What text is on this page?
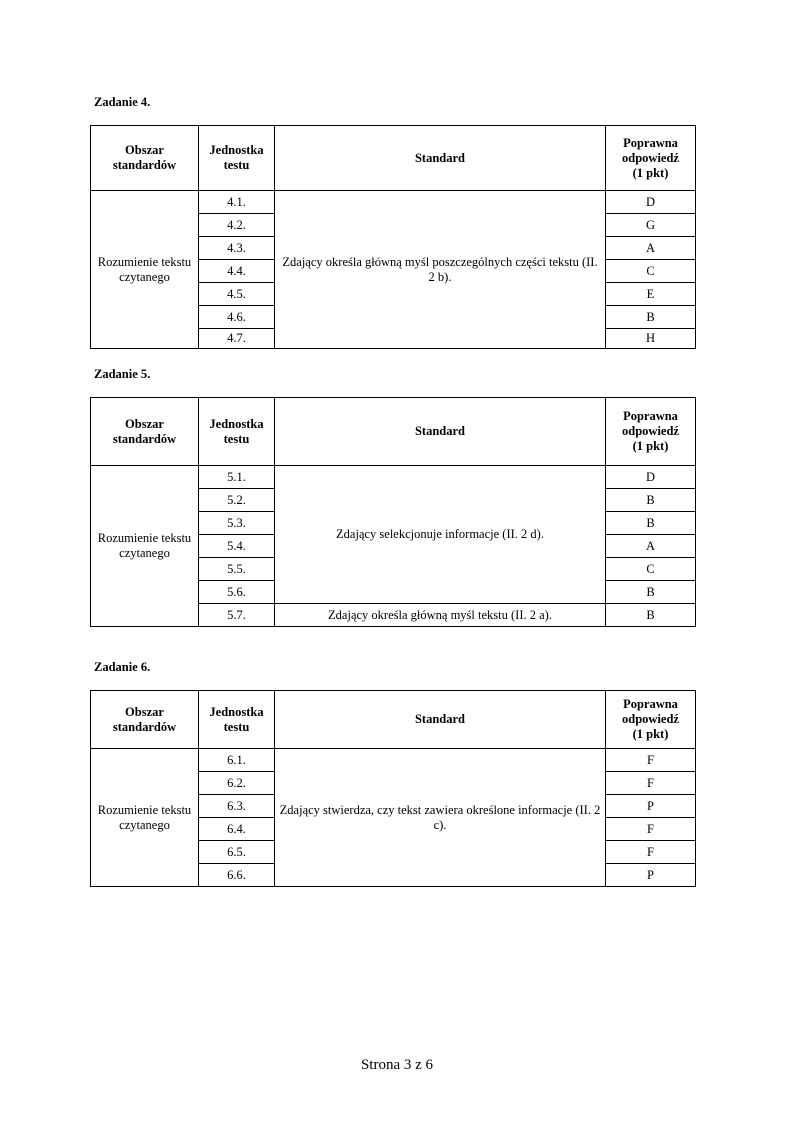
Zadanie 4.
Obszar standardów	Jednostka testu	Standard	Poprawna
odpowiedź
(1 pkt)
Rozumienie tekstu czytanego	4.1.	Zdający określa główną myśl poszczególnych części tekstu (II. 2 b).	D
	4.2.		G
	4.3.		A
	4.4.		C
	4.5.		E
	4.6.		B
	4.7.		H
Zadanie 5.
Obszar standardów	Jednostka testu	Standard	Poprawna
odpowiedź
(1 pkt)
Rozumienie tekstu czytanego	5.1.	Zdający selekcjonuje informacje (II. 2 d).	D
	5.2.		B
	5.3.		B
	5.4.		A
	5.5.		C
	5.6.		B
	5.7.	Zdający określa główną myśl tekstu (II. 2 a).	B
Zadanie 6.
Obszar standardów	Jednostka testu	Standard	Poprawna
odpowiedź
(1 pkt)
Rozumienie tekstu czytanego	6.1.	Zdający stwierdza, czy tekst zawiera określone informacje (II. 2 c).	F
	6.2.		F
	6.3.		P
	6.4.		F
	6.5.		F
	6.6.		P
Strona 3 z 6
